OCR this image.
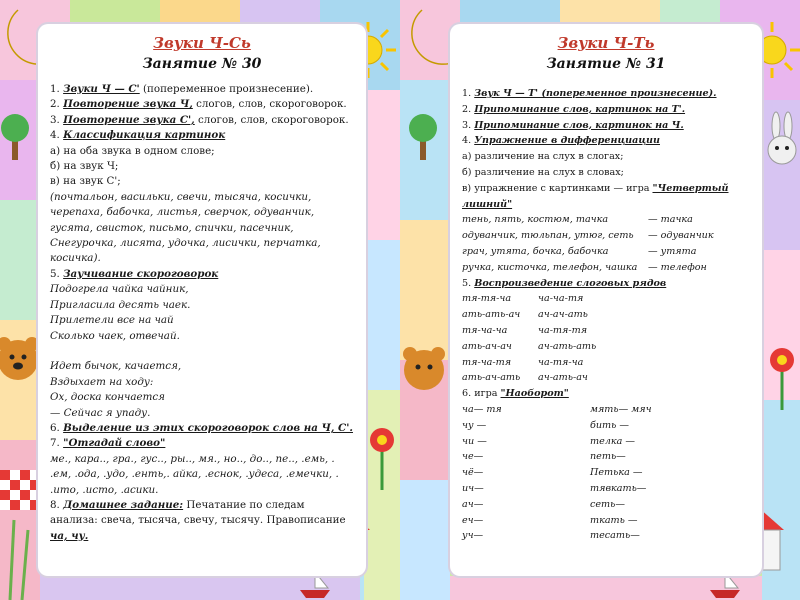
Звуки Ч-Сь
Занятие № 30
1. Звуки Ч — С' (попеременное произнесение).
2. Повторение звука Ч, слогов, слов, скороговорок.
3. Повторение звука С', слогов, слов, скороговорок.
4. Классификация картинок
а) на оба звука в одном слове;
б) на звук Ч;
в) на звук С';
(почтальон, васильки, свечи, тысяча, косички,
черепаха, бабочка, листья, сверчок, одуванчик,
гусята, свисток, письмо, спички, пасечник,
Снегурочка, лисята, удочка, лисички, перчатка,
косичка).
5. Заучивание скороговорок
Подогрела чайка чайник,
Пригласила десять чаек.
Прилетели все на чай
Сколько чаек, отвечай.

Идет бычок, качается,
Вздыхает на ходу:
Ох, доска кончается
— Сейчас я упаду.
6. Выделение из этих скороговорок слов на Ч, С'.
7. "Отгадай слово"
ме., кара.., гра., гус.., ры.., мя., но.., до.., пе.., .емь, .
.ем, .ода, .удо, .енть,. айка, .еснок, .удеса, .емечки, .
.ито, .исто, .асики.
8. Домашнее задание: Печатание по следам
анализа: свеча, тысяча, свечу, тысячу. Правописание
ча, чу.
Звуки Ч-Ть
Занятие № 31
1. Звук Ч — Т' (попеременное произнесение).
2. Припоминание слов, картинок на Т'.
3. Припоминание слов, картинок на Ч.
4. Упражнение в дифференциации
а) различение на слух в слогах;
б) различение на слух в словах;
в) упражнение с картинками — игра "Четвертый
лишний"
тень, пять, костюм, тачка	— тачка
одуванчик, тюльпан, утюг, сеть	— одуванчик
грач, утята, бочка, бабочка	— утята
ручка, кисточка, телефон, чашка	— телефон
5. Воспроизведение слоговых рядов
тя-тя-ча	ча-ча-тя
ать-ать-ач	ач-ач-ать
тя-ча-ча	ча-тя-тя
ать-ач-ач	ач-ать-ать
тя-ча-тя	ча-тя-ча
ать-ач-ать	ач-ать-ач
6. игра "Наоборот"
ча— тя	мять— мяч
чу —	бить —
чи —	телка —
че—	петь—
чё—	Петька —
ич—	тявкать—
ач—	сеть—
еч—	ткать —
уч—	тесать—
